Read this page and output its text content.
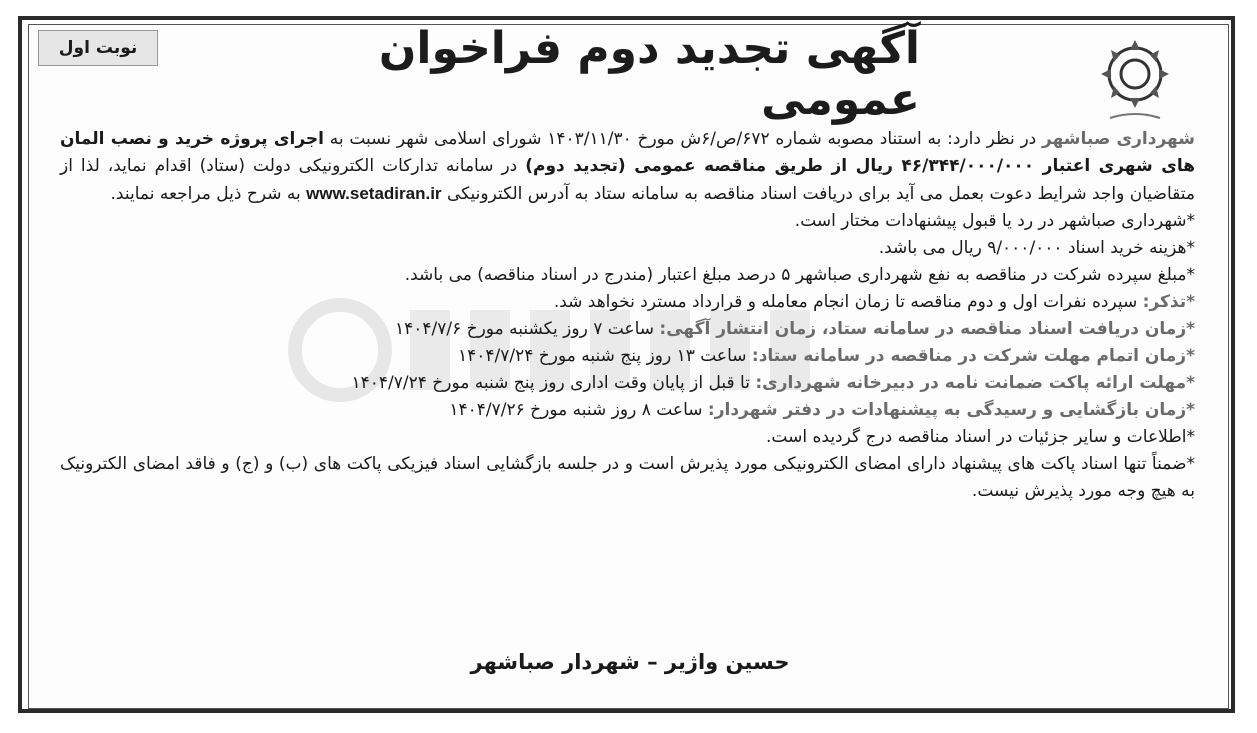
نوبت اول	آگهی تجدید دوم فراخوان عمومی

شهرداری صباشهر در نظر دارد: به استناد مصوبه شماره ۶۷۲/ص/۶ش مورخ ۱۴۰۳/۱۱/۳۰ شورای اسلامی شهر نسبت به اجرای پروژه خرید و نصب المان های شهری اعتبار ۴۶/۳۴۴/۰۰۰/۰۰۰ ریال از طریق مناقصه عمومی (تجدید دوم) در سامانه تدارکات الکترونیکی دولت (ستاد) اقدام نماید، لذا از متقاضیان واجد شرایط دعوت بعمل می آید برای دریافت اسناد مناقصه به سامانه ستاد به آدرس الکترونیکی www.setadiran.ir به شرح ذیل مراجعه نمایند.

*شهرداری صباشهر در رد یا قبول پیشنهادات مختار است.
*هزینه خرید اسناد ۹/۰۰۰/۰۰۰ ریال می باشد.
*مبلغ سپرده شرکت در مناقصه به نفع شهرداری صباشهر ۵ درصد مبلغ اعتبار (مندرج در اسناد مناقصه) می باشد.
*تذکر: سپرده نفرات اول و دوم مناقصه تا زمان انجام معامله و قرارداد مسترد نخواهد شد.
*زمان دریافت اسناد مناقصه در سامانه ستاد، زمان انتشار آگهی: ساعت ۷ روز یکشنبه مورخ ۱۴۰۴/۷/۶
*زمان اتمام مهلت شرکت در مناقصه در سامانه ستاد: ساعت ۱۳ روز پنج شنبه مورخ ۱۴۰۴/۷/۲۴
*مهلت ارائه پاکت ضمانت نامه در دبیرخانه شهرداری: تا قبل از پایان وقت اداری روز پنج شنبه مورخ ۱۴۰۴/۷/۲۴
*زمان بازگشایی و رسیدگی به پیشنهادات در دفتر شهردار: ساعت ۸ روز شنبه مورخ ۱۴۰۴/۷/۲۶
*اطلاعات و سایر جزئیات در اسناد مناقصه درج گردیده است.
*ضمناً تنها اسناد پاکت های پیشنهاد دارای امضای الکترونیکی مورد پذیرش است و در جلسه بازگشایی اسناد فیزیکی پاکت های (ب) و (ج) و فاقد امضای الکترونیک به هیچ وجه مورد پذیرش نیست.
حسین واژیر – شهردار صباشهر
